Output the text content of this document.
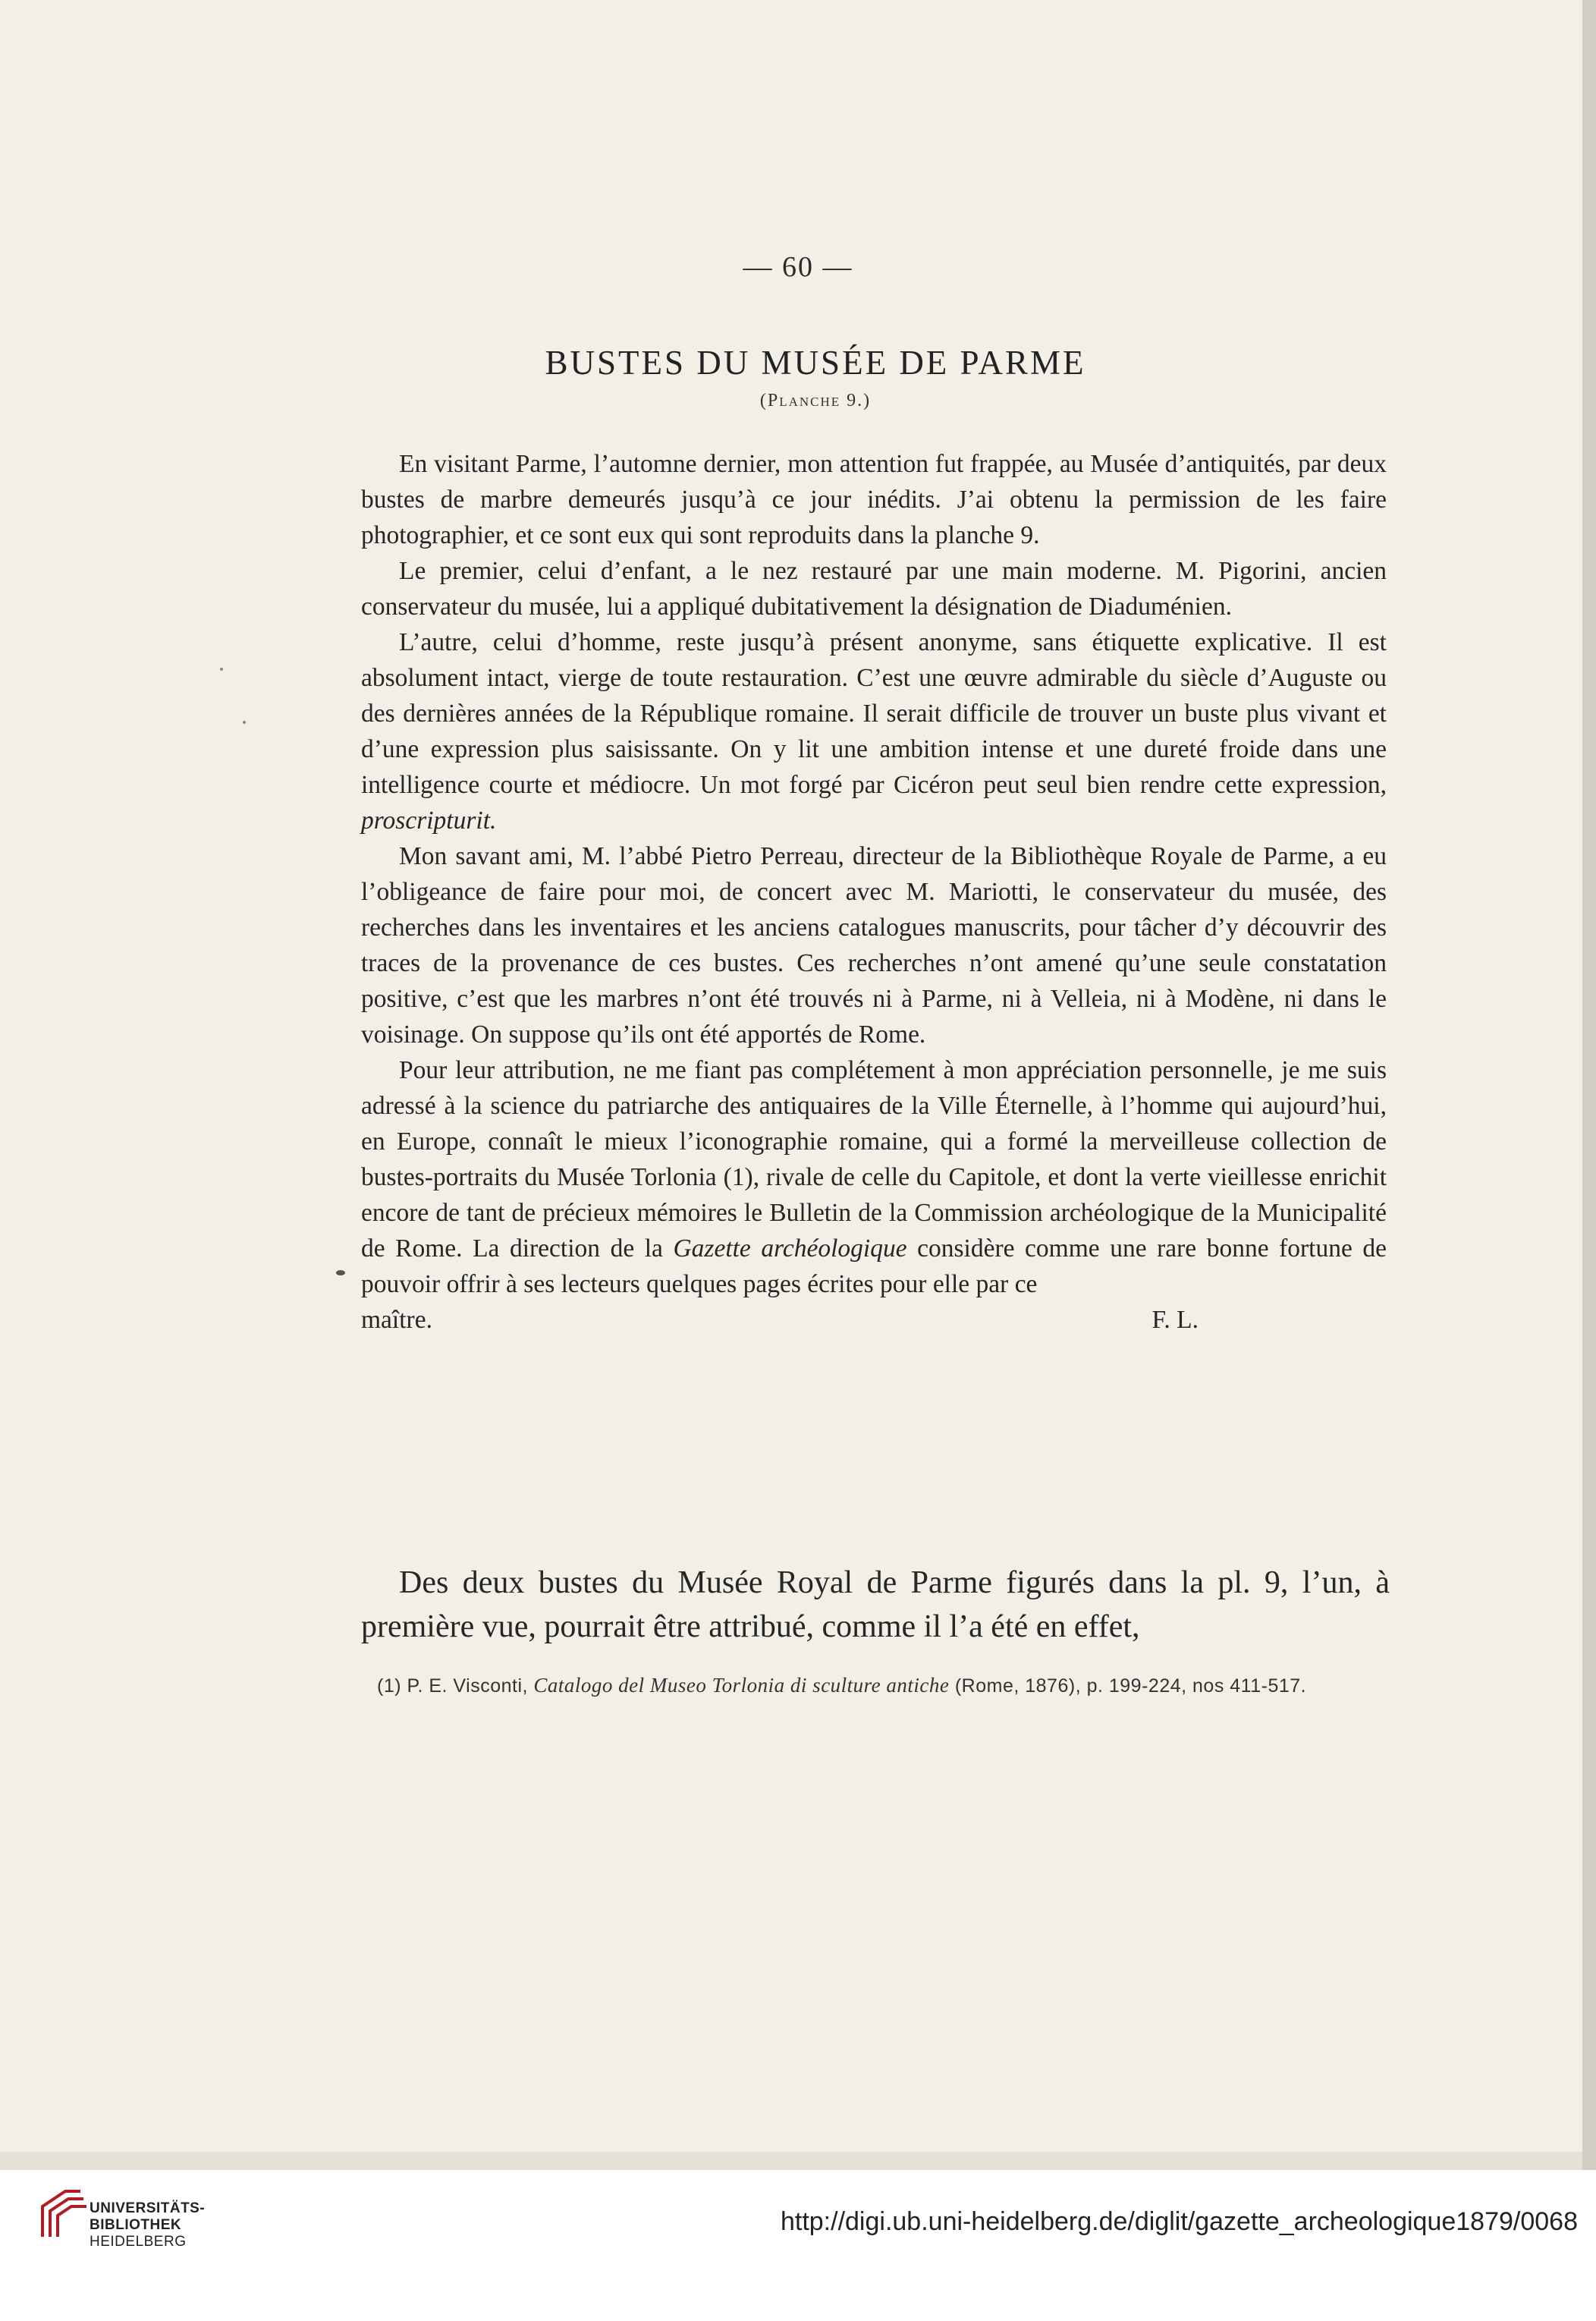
— 60 —
BUSTES DU MUSÉE DE PARME
(Planche 9.)

En visitant Parme, l’automne dernier, mon attention fut frappée, au Musée d’antiquités, par deux bustes de marbre demeurés jusqu’à ce jour inédits. J’ai obtenu la permission de les faire photographier, et ce sont eux qui sont reproduits dans la planche 9.

Le premier, celui d’enfant, a le nez restauré par une main moderne. M. Pigorini, ancien conservateur du musée, lui a appliqué dubitativement la désignation de Diaduménien.

L’autre, celui d’homme, reste jusqu’à présent anonyme, sans étiquette explicative. Il est absolument intact, vierge de toute restauration. C’est une œuvre admirable du siècle d’Auguste ou des dernières années de la République romaine. Il serait difficile de trouver un buste plus vivant et d’une expression plus saisissante. On y lit une ambition intense et une dureté froide dans une intelligence courte et médiocre. Un mot forgé par Cicéron peut seul bien rendre cette expression, proscripturit.

Mon savant ami, M. l’abbé Pietro Perreau, directeur de la Bibliothèque Royale de Parme, a eu l’obligeance de faire pour moi, de concert avec M. Mariotti, le conservateur du musée, des recherches dans les inventaires et les anciens catalogues manuscrits, pour tâcher d’y découvrir des traces de la provenance de ces bustes. Ces recherches n’ont amené qu’une seule constatation positive, c’est que les marbres n’ont été trouvés ni à Parme, ni à Velleia, ni à Modène, ni dans le voisinage. On suppose qu’ils ont été apportés de Rome.

Pour leur attribution, ne me fiant pas complétement à mon appréciation personnelle, je me suis adressé à la science du patriarche des antiquaires de la Ville Éternelle, à l’homme qui aujourd’hui, en Europe, connaît le mieux l’iconographie romaine, qui a formé la merveilleuse collection de bustes-portraits du Musée Torlonia (1), rivale de celle du Capitole, et dont la verte vieillesse enrichit encore de tant de précieux mémoires le Bulletin de la Commission archéologique de la Municipalité de Rome. La direction de la Gazette archéologique considère comme une rare bonne fortune de pouvoir offrir à ses lecteurs quelques pages écrites pour elle par ce

maître.	F. L.

Des deux bustes du Musée Royal de Parme figurés dans la pl. 9, l’un, à première vue, pourrait être attribué, comme il l’a été en effet,

(1) P. E. Visconti, Catalogo del Museo Torlonia di sculture antiche (Rome, 1876), p. 199-224, nos 411-517.
UNIVERSITÄTS-
BIBLIOTHEK
HEIDELBERG
http://digi.ub.uni-heidelberg.de/diglit/gazette_archeologique1879/0068
